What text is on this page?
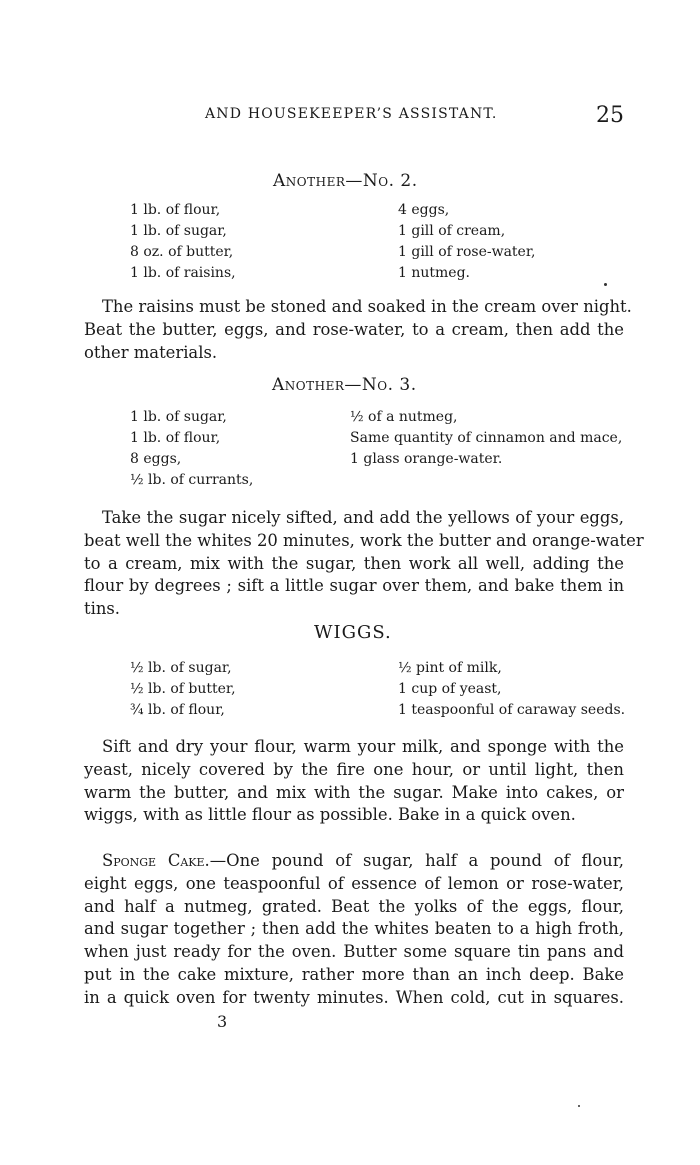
AND HOUSEKEEPER’S ASSISTANT.	25
Another—No. 2.
1 lb. of flour,
1 lb. of sugar,
8 oz. of butter,
1 lb. of raisins,
4 eggs,
1 gill of cream,
1 gill of rose-water,
1 nutmeg.
The raisins must be stoned and soaked in the cream over night.
Beat the butter, eggs, and rose-water, to a cream, then add the
other materials.
Another—No. 3.
1 lb. of sugar,
1 lb. of flour,
8 eggs,
½ lb. of currants,
½ of a nutmeg,
Same quantity of cinnamon and mace,
1 glass orange-water.
Take the sugar nicely sifted, and add the yellows of your eggs,
beat well the whites 20 minutes, work the butter and orange-water
to a cream, mix with the sugar, then work all well, adding the
flour by degrees ; sift a little sugar over them, and bake them in
tins.
WIGGS.
½ lb. of sugar,
½ lb. of butter,
¾ lb. of flour,
½ pint of milk,
1 cup of yeast,
1 teaspoonful of caraway seeds.
Sift and dry your flour, warm your milk, and sponge with the
yeast, nicely covered by the fire one hour, or until light, then
warm the butter, and mix with the sugar. Make into cakes, or
wiggs, with as little flour as possible. Bake in a quick oven.
Sponge Cake.—One pound of sugar, half a pound of flour,
eight eggs, one teaspoonful of essence of lemon or rose-water,
and half a nutmeg, grated. Beat the yolks of the eggs, flour,
and sugar together ; then add the whites beaten to a high froth,
when just ready for the oven. Butter some square tin pans and
put in the cake mixture, rather more than an inch deep. Bake
in a quick oven for twenty minutes. When cold, cut in squares.
3
